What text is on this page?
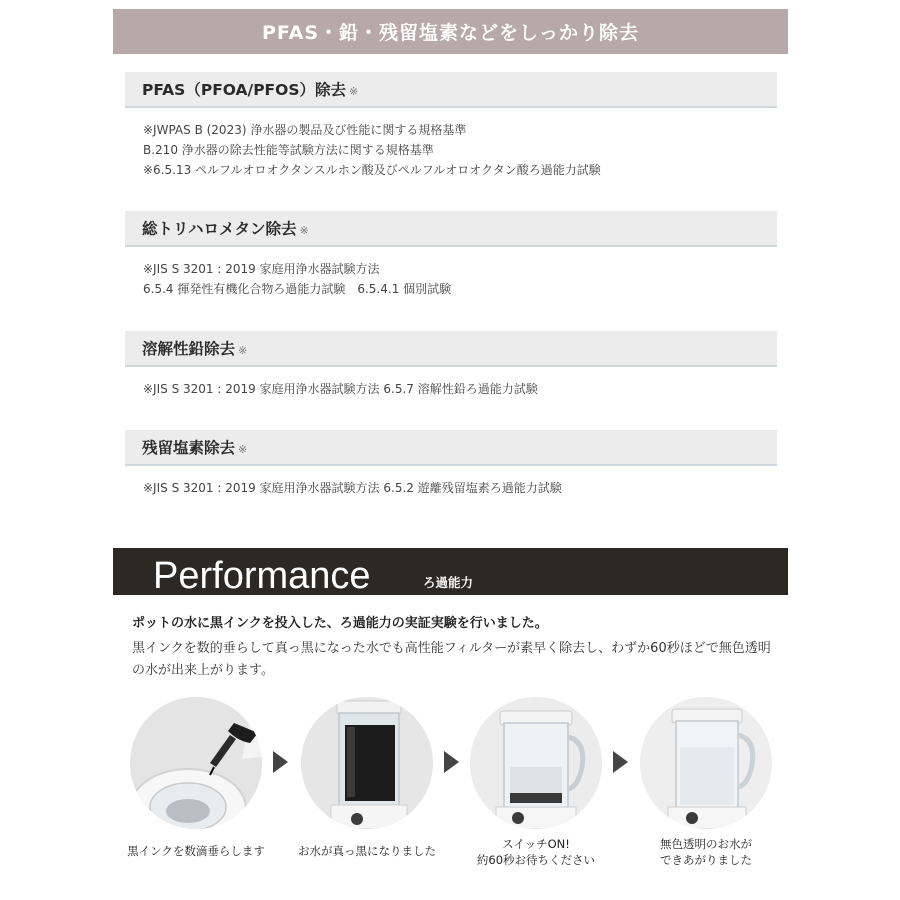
PFAS・鉛・残留塩素などをしっかり除去
PFAS（PFOA/PFOS）除去 ※
※JWPAS B (2023) 浄水器の製品及び性能に関する規格基準
B.210 浄水器の除去性能等試験方法に関する規格基準
※6.5.13 ペルフルオロオクタンスルホン酸及びペルフルオロオクタン酸ろ過能力試験
総トリハロメタン除去 ※
※JIS S 3201 : 2019 家庭用浄水器試験方法
6.5.4 揮発性有機化合物ろ過能力試験　6.5.4.1 個別試験
溶解性鉛除去 ※
※JIS S 3201 : 2019 家庭用浄水器試験方法 6.5.7 溶解性鉛ろ過能力試験
残留塩素除去 ※
※JIS S 3201 : 2019 家庭用浄水器試験方法 6.5.2 遊離残留塩素ろ過能力試験
Performance	ろ過能力
ポットの水に黒インクを投入した、ろ過能力の実証実験を行いました。
黒インクを数的垂らして真っ黒になった水でも高性能フィルターが素早く除去し、わずか60秒ほどで無色透明の水が出来上がります。
黒インクを数滴垂らします	お水が真っ黒になりました	スイッチON!
約60秒お待ちください
無色透明のお水が
できあがりました
